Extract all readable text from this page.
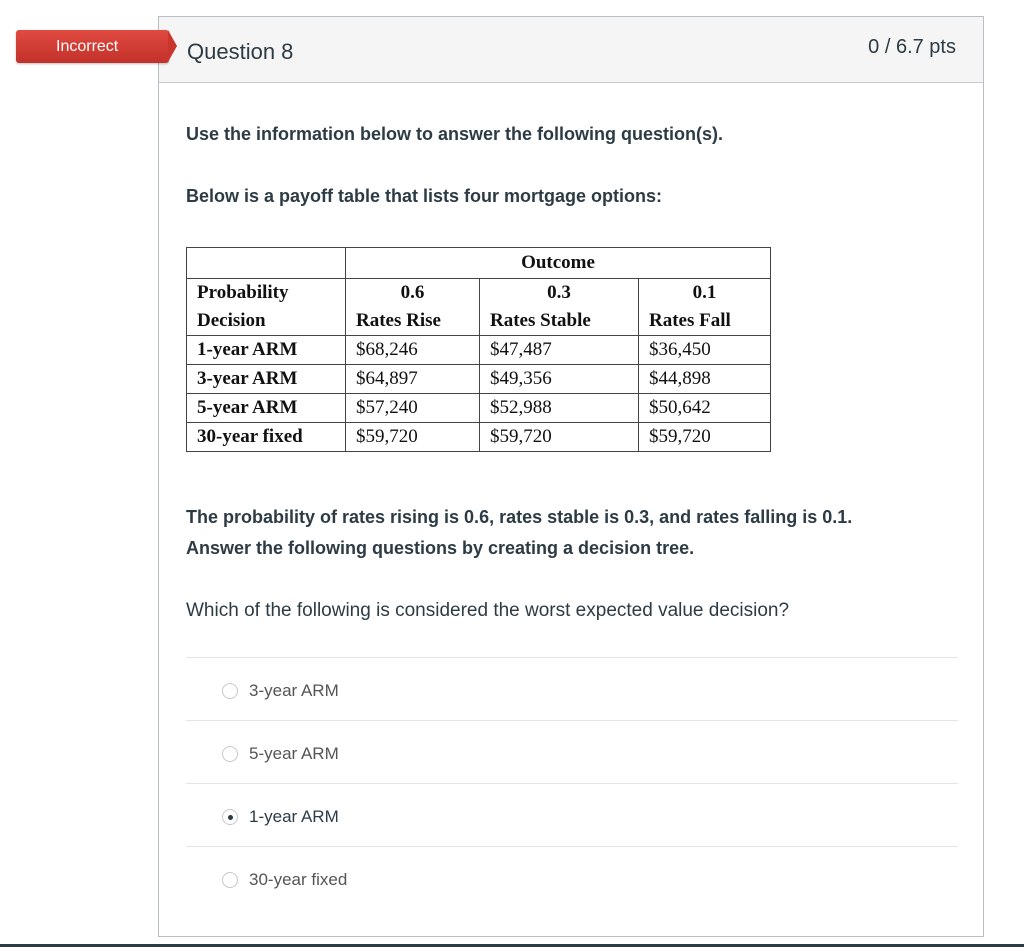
Question 8	0 / 6.7 pts
Incorrect
Use the information below to answer the following question(s).
Below is a payoff table that lists four mortgage options:
	Outcome		
Probability	0.6	0.3	0.1
Decision	Rates Rise	Rates Stable	Rates Fall
1-year ARM	$68,246	$47,487	$36,450
3-year ARM	$64,897	$49,356	$44,898
5-year ARM	$57,240	$52,988	$50,642
30-year fixed	$59,720	$59,720	$59,720
The probability of rates rising is 0.6, rates stable is 0.3, and rates falling is 0.1.
Answer the following questions by creating a decision tree.
Which of the following is considered the worst expected value decision?
3-year ARM
5-year ARM
1-year ARM
30-year fixed
